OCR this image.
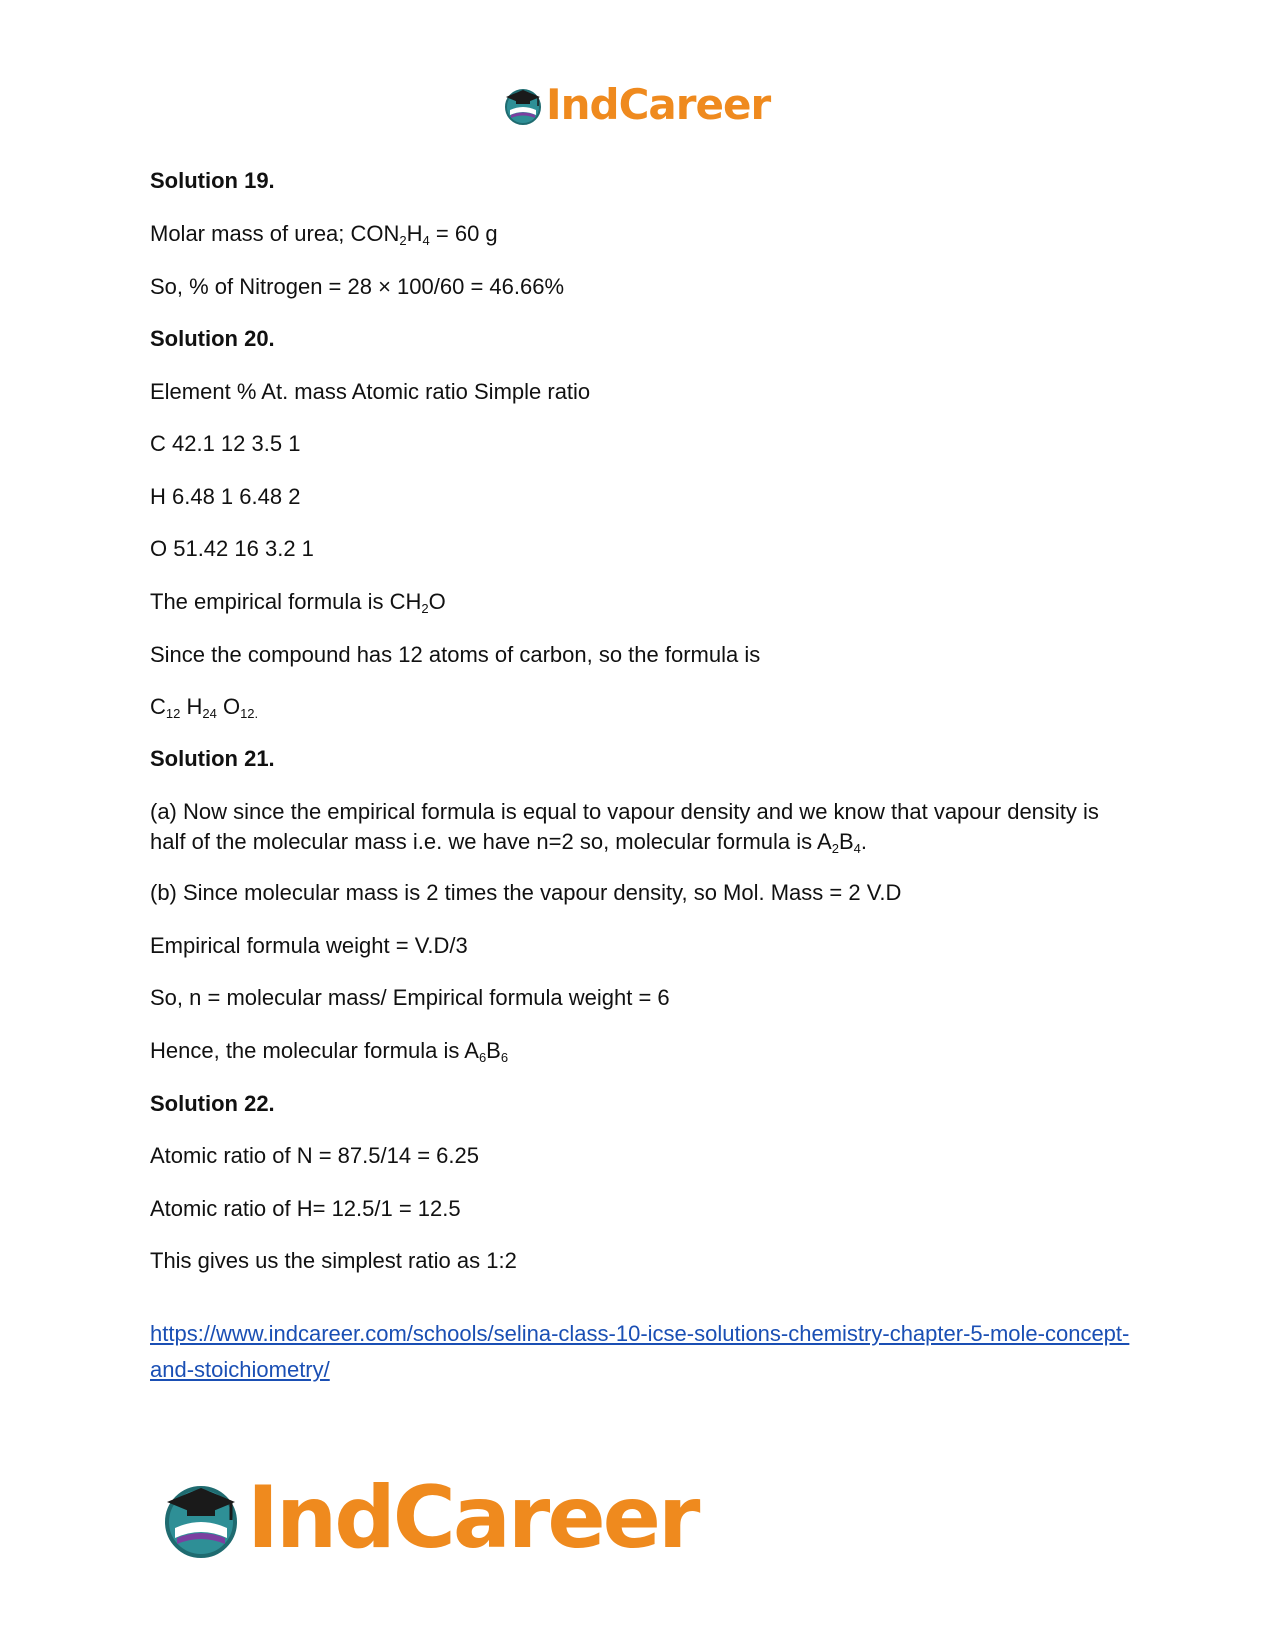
IndCareer
Solution 19.
Molar mass of urea; $CON_2H_4 = 60$ g
So, % of Nitrogen = 28 × 100/60 = 46.66%
Solution 20.
Element % At. mass Atomic ratio Simple ratio
C 42.1 12 3.5 1
H 6.48 1 6.48 2
O 51.42 16 3.2 1
The empirical formula is $CH_2O$
Since the compound has 12 atoms of carbon, so the formula is
$C_{12}$ $H_{24}$ $O_{12.}$
Solution 21.
(a) Now since the empirical formula is equal to vapour density and we know that vapour density is half of the molecular mass i.e. we have n=2 so, molecular formula is $A_2B_4$.
(b) Since molecular mass is 2 times the vapour density, so Mol. Mass = 2 V.D
Empirical formula weight = V.D/3
So, n = molecular mass/ Empirical formula weight = 6
Hence, the molecular formula is $A_6B_6$
Solution 22.
Atomic ratio of N = 87.5/14 = 6.25
Atomic ratio of H= 12.5/1 = 12.5
This gives us the simplest ratio as 1:2
https://www.indcareer.com/schools/selina-class-10-icse-solutions-chemistry-chapter-5-mole-concept-and-stoichiometry/
IndCareer
